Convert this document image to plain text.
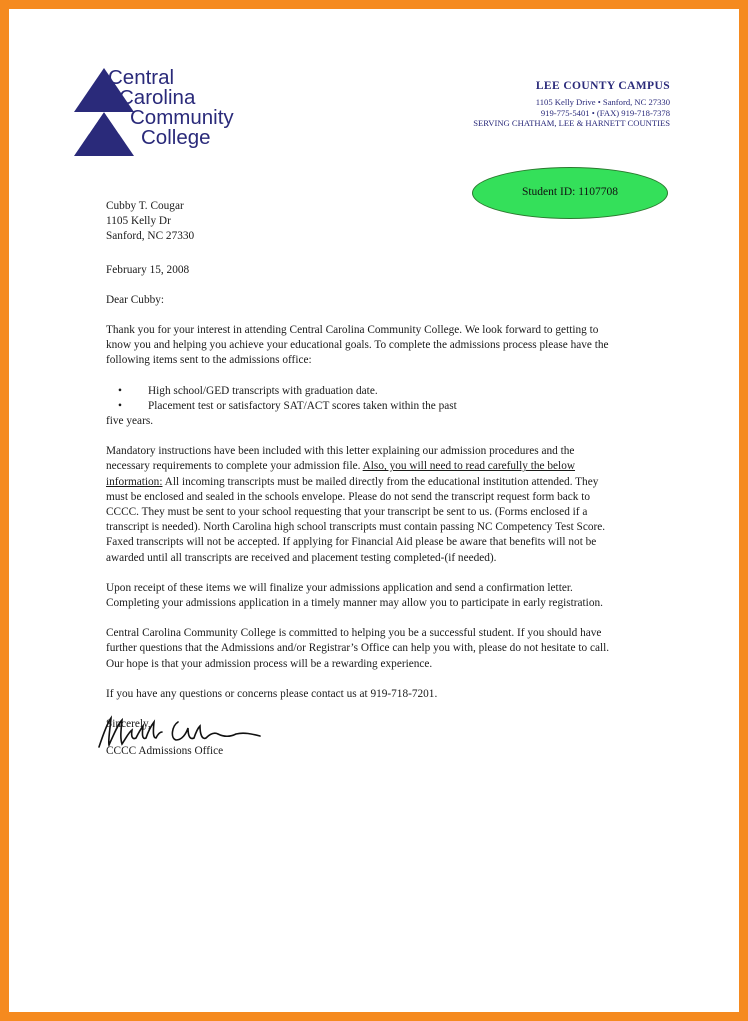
Central
Carolina
Community
College
LEE COUNTY CAMPUS
1105 Kelly Drive • Sanford, NC 27330
919-775-5401 • (FAX) 919-718-7378
SERVING CHATHAM, LEE & HARNETT COUNTIES
Student ID: 1107708

Cubby T. Cougar

1105 Kelly Dr

Sanford, NC 27330

February 15, 2008

Dear Cubby:

Thank you for your interest in attending Central Carolina Community College. We look forward to getting to know you and helping you achieve your educational goals. To complete the admissions process please have the following items sent to the admissions office:

• High school/GED transcripts with graduation date.
• Placement test or satisfactory SAT/ACT scores taken within the past
five years.

Mandatory instructions have been included with this letter explaining our admission procedures and the necessary requirements to complete your admission file. Also, you will need to read carefully the below information: All incoming transcripts must be mailed directly from the educational institution attended. They must be enclosed and sealed in the schools envelope. Please do not send the transcript request form back to CCCC. They must be sent to your school requesting that your transcript be sent to us. (Forms enclosed if a transcript is needed). North Carolina high school transcripts must contain passing NC Competency Test Score. Faxed transcripts will not be accepted. If applying for Financial Aid please be aware that benefits will not be awarded until all transcripts are received and placement testing completed-(if needed).

Upon receipt of these items we will finalize your admissions application and send a confirmation letter. Completing your admissions application in a timely manner may allow you to participate in early registration.

Central Carolina Community College is committed to helping you be a successful student. If you should have further questions that the Admissions and/or Registrar’s Office can help you with, please do not hesitate to call. Our hope is that your admission process will be a rewarding experience.

If you have any questions or concerns please contact us at 919-718-7201.

Sincerely,

CCCC Admissions Office
